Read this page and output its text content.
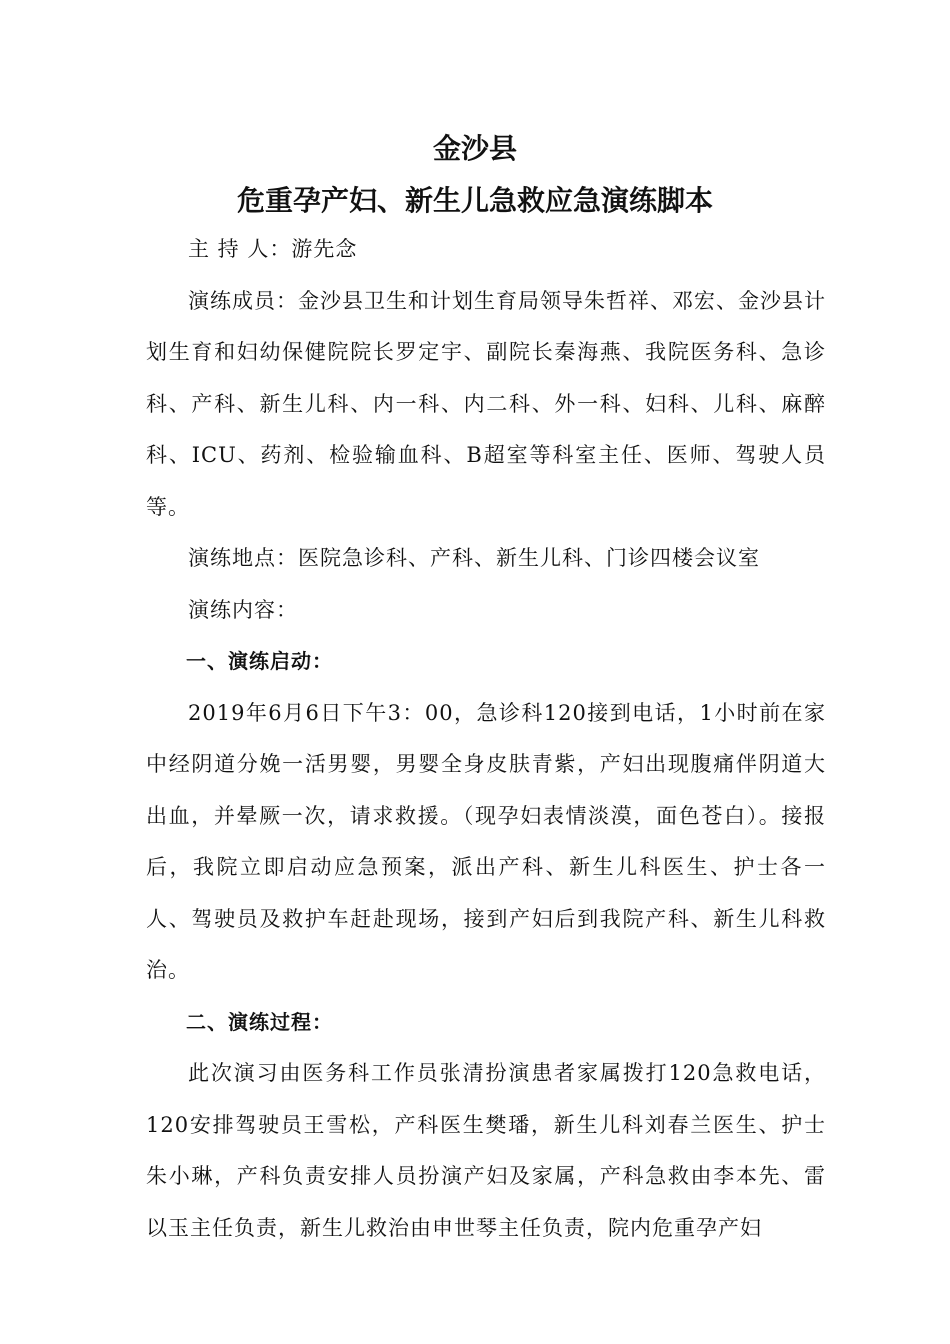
金沙县
危重孕产妇、新生儿急救应急演练脚本

主 持 人：游先念

演练成员：金沙县卫生和计划生育局领导朱哲祥、邓宏、金沙县计划生育和妇幼保健院院长罗定宇、副院长秦海燕、我院医务科、急诊科、产科、新生儿科、内一科、内二科、外一科、妇科、儿科、麻醉科、ICU、药剂、检验输血科、B超室等科室主任、医师、驾驶人员等。

演练地点：医院急诊科、产科、新生儿科、门诊四楼会议室

演练内容：

一、演练启动：

2019年6月6日下午3：00，急诊科120接到电话，1小时前在家中经阴道分娩一活男婴，男婴全身皮肤青紫，产妇出现腹痛伴阴道大出血，并晕厥一次，请求救援。（现孕妇表情淡漠，面色苍白）。接报后，我院立即启动应急预案，派出产科、新生儿科医生、护士各一人、驾驶员及救护车赶赴现场，接到产妇后到我院产科、新生儿科救治。

二、演练过程：

此次演习由医务科工作员张清扮演患者家属拨打120急救电话，120安排驾驶员王雪松，产科医生樊璠，新生儿科刘春兰医生、护士朱小琳，产科负责安排人员扮演产妇及家属，产科急救由李本先、雷以玉主任负责，新生儿救治由申世琴主任负责，院内危重孕产妇
